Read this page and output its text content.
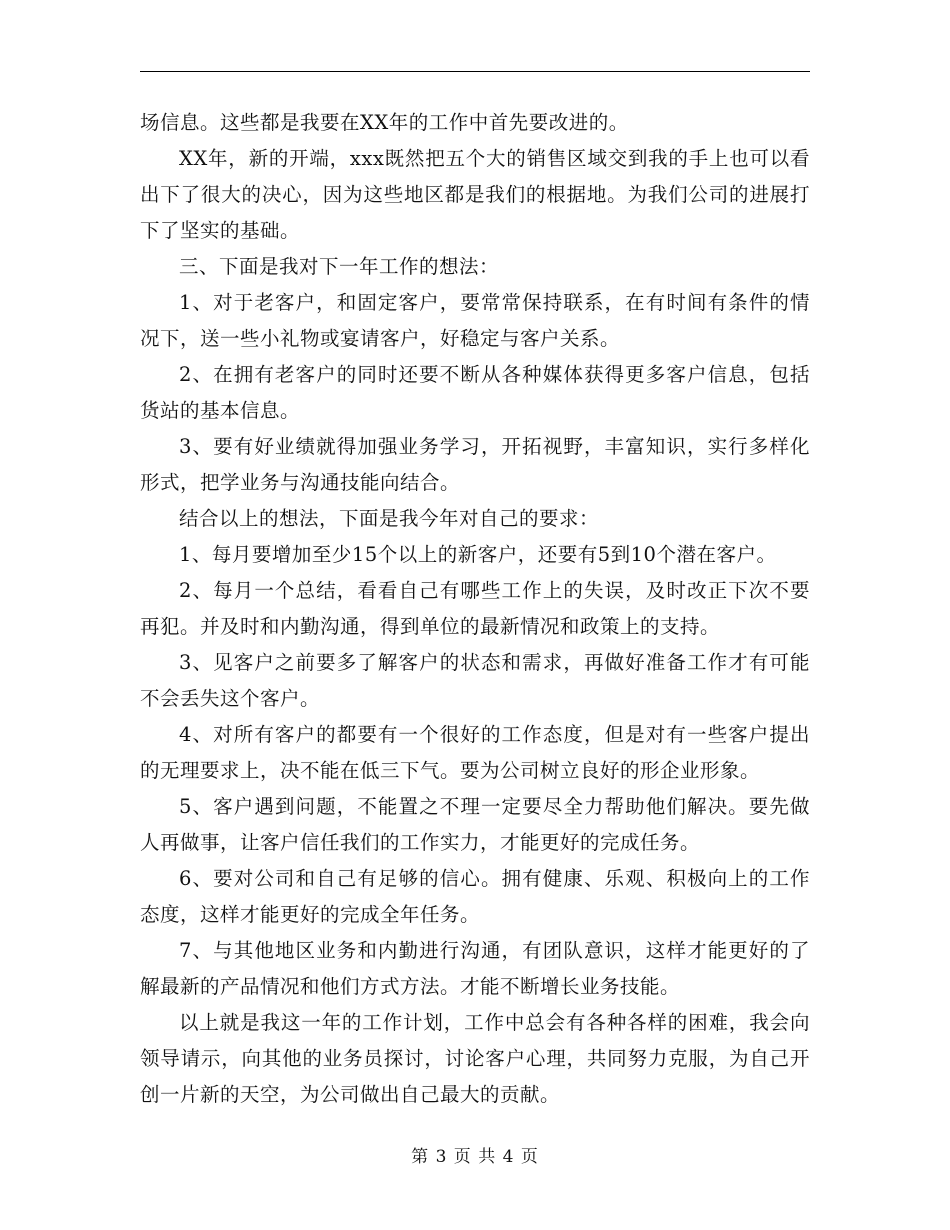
场信息。这些都是我要在XX年的工作中首先要改进的。

XX年，新的开端，xxx既然把五个大的销售区域交到我的手上也可以看出下了很大的决心，因为这些地区都是我们的根据地。为我们公司的进展打下了坚实的基础。

三、下面是我对下一年工作的想法：

1、对于老客户，和固定客户，要常常保持联系，在有时间有条件的情况下，送一些小礼物或宴请客户，好稳定与客户关系。

2、在拥有老客户的同时还要不断从各种媒体获得更多客户信息，包括货站的基本信息。

3、要有好业绩就得加强业务学习，开拓视野，丰富知识，实行多样化形式，把学业务与沟通技能向结合。

结合以上的想法，下面是我今年对自己的要求：

1、每月要增加至少15个以上的新客户，还要有5到10个潜在客户。

2、每月一个总结，看看自己有哪些工作上的失误，及时改正下次不要再犯。并及时和内勤沟通，得到单位的最新情况和政策上的支持。

3、见客户之前要多了解客户的状态和需求，再做好准备工作才有可能不会丢失这个客户。

4、对所有客户的都要有一个很好的工作态度，但是对有一些客户提出的无理要求上，决不能在低三下气。要为公司树立良好的形企业形象。

5、客户遇到问题，不能置之不理一定要尽全力帮助他们解决。要先做人再做事，让客户信任我们的工作实力，才能更好的完成任务。

6、要对公司和自己有足够的信心。拥有健康、乐观、积极向上的工作态度，这样才能更好的完成全年任务。

7、与其他地区业务和内勤进行沟通，有团队意识，这样才能更好的了解最新的产品情况和他们方式方法。才能不断增长业务技能。

以上就是我这一年的工作计划，工作中总会有各种各样的困难，我会向领导请示，向其他的业务员探讨，讨论客户心理，共同努力克服，为自己开创一片新的天空，为公司做出自己最大的贡献。

第 3 页 共 4 页
